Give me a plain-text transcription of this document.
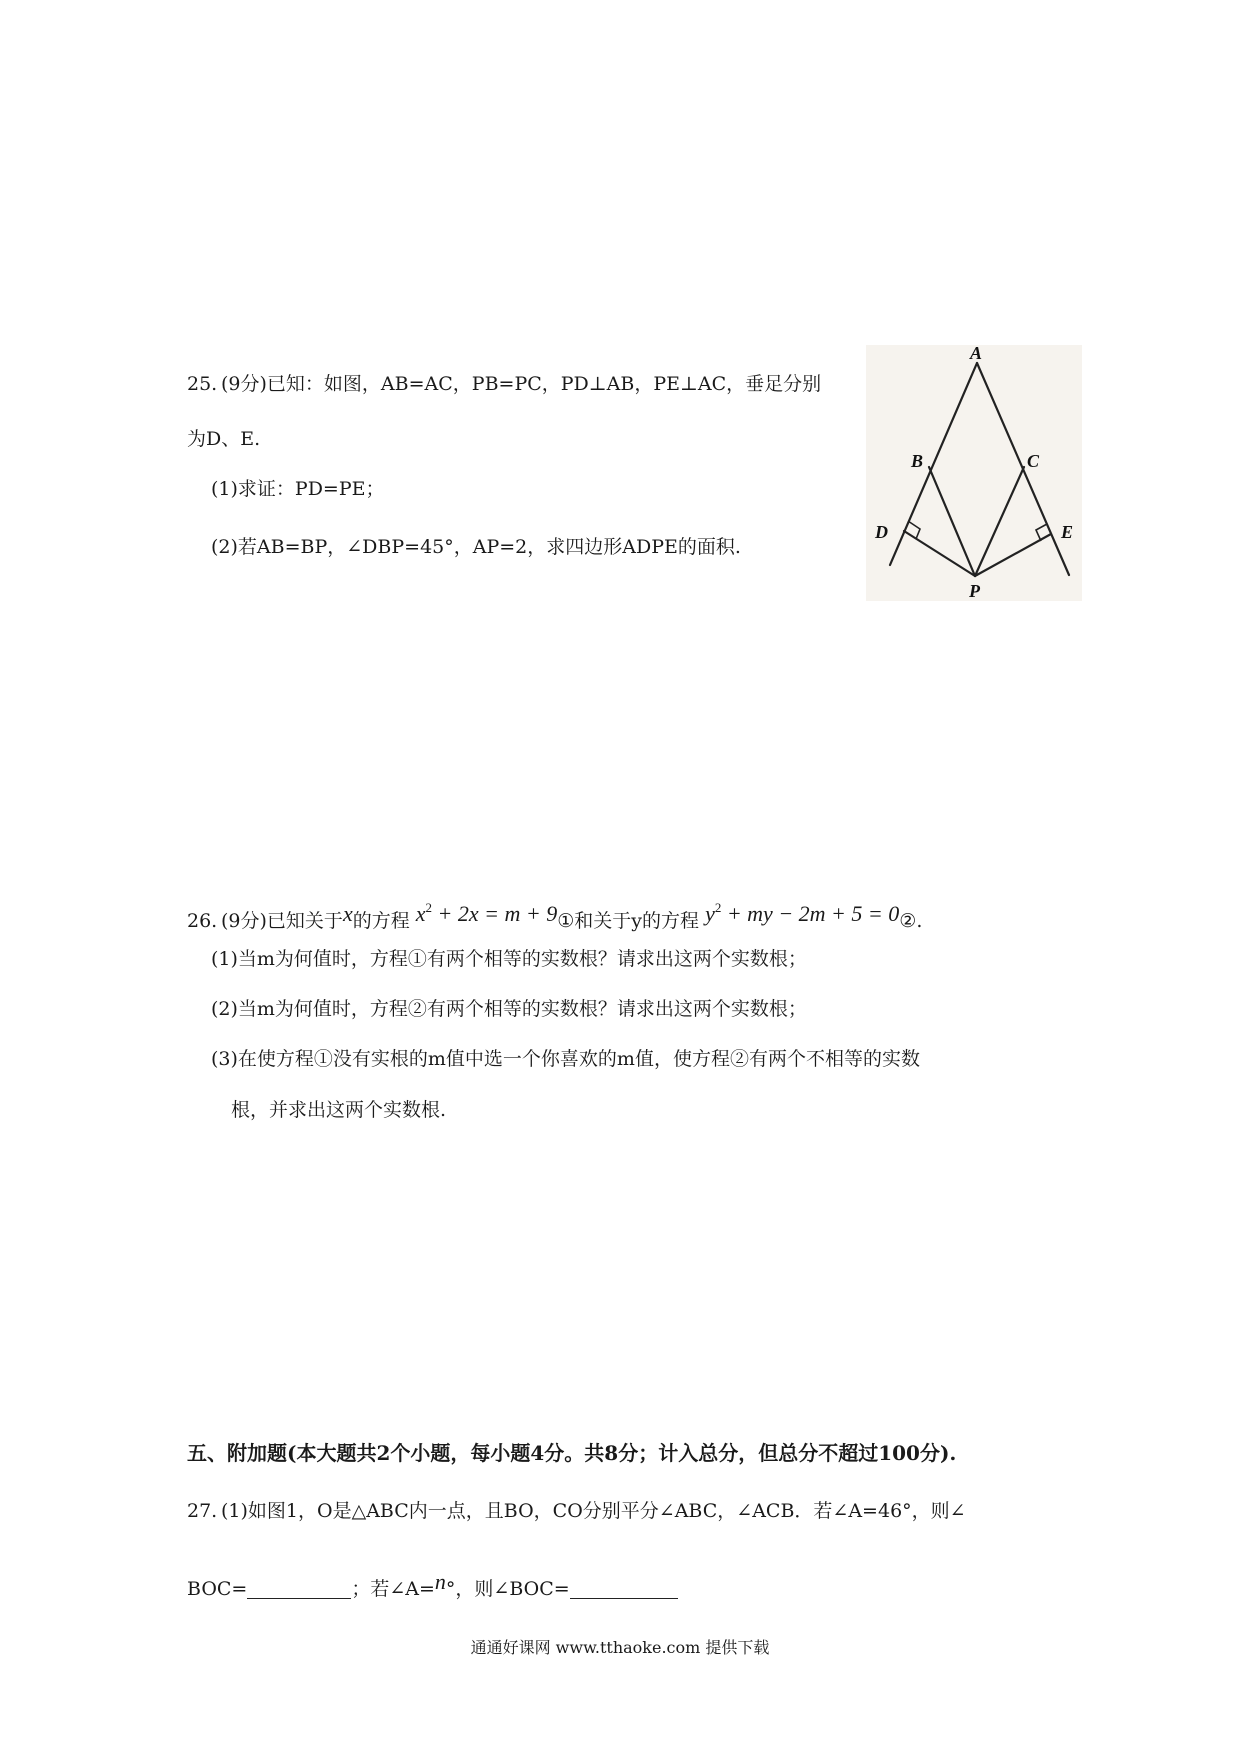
25. (9分)已知：如图，AB=AC，PB=PC，PD⊥AB，PE⊥AC，垂足分别
为D、E.
(1)求证：PD=PE；
(2)若AB=BP，∠DBP=45°，AP=2，求四边形ADPE的面积.
A
B	C
D	E
P
26. (9分)已知关于x的方程 $x^2 + 2x = m$ + 9①和关于y的方程 $y^2$ + my − 2m + 5 = 0②.
(1)当m为何值时，方程①有两个相等的实数根？请求出这两个实数根；
(2)当m为何值时，方程②有两个相等的实数根？请求出这两个实数根；
(3)在使方程①没有实根的m值中选一个你喜欢的m值，使方程②有两个不相等的实数
根，并求出这两个实数根.
五、附加题(本大题共2个小题，每小题4分。共8分；计入总分，但总分不超过100分).
27. (1)如图1，O是△ABC内一点，且BO，CO分别平分∠ABC，∠ACB．若∠A=46°，则∠
BOC=	；若∠A=n°，则∠BOC=
通通好课网 www.tthaoke.com 提供下载
